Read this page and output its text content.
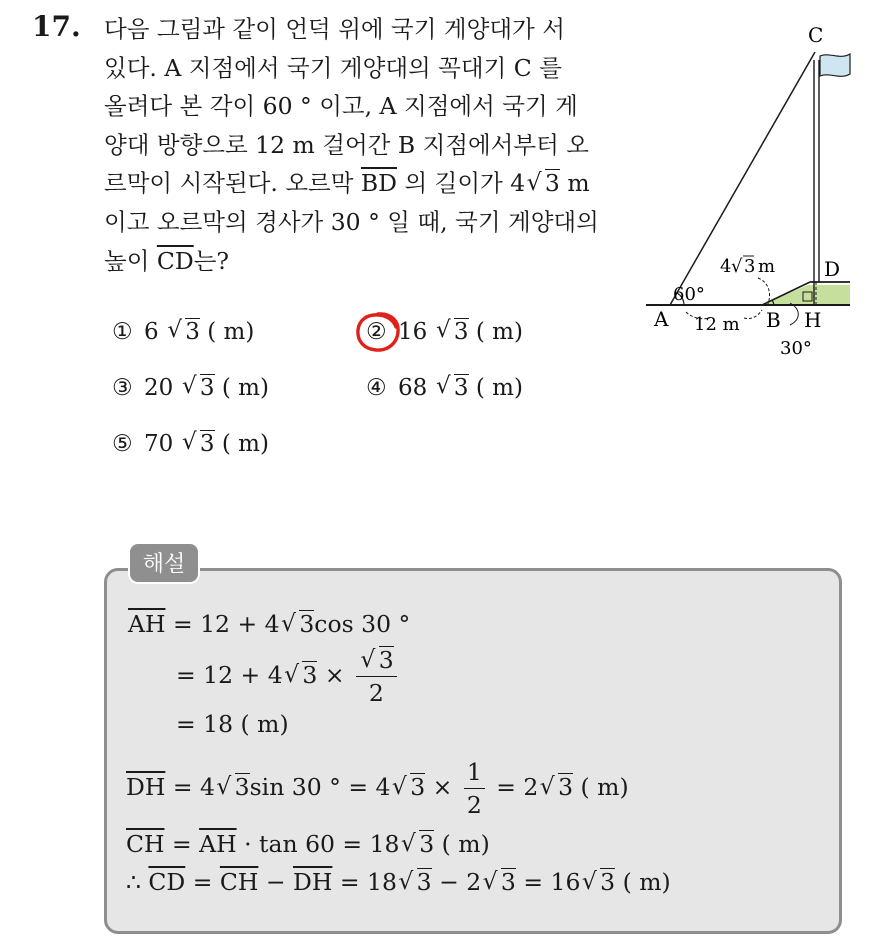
17. 다음 그림과 같이 언덕 위에 국기 게양대가 서
있다. A 지점에서 국기 게양대의 꼭대기 C 를
올려다 본 각이 60 ° 이고, A 지점에서 국기 게
양대 방향으로 12 m 걸어간 B 지점에서부터 오
르막이 시작된다. 오르막 $\overline{BD}$ 의 길이가 4 √ 3 m
이고 오르막의 경사가 30 ° 일 때, 국기 게양대의
높이 $\overline{CD}$는?
① 6 √ 3 ( m)	② 16 √ 3 ( m)
③ 20 √ 3 ( m)	④ 68 √ 3 ( m)
⑤ 70 √ 3 ( m)
C
D
A	B H
60°
30°
12 m
4 √ 3 m
해설
$\overline{AH} = 12 + 4$ √ 3cos 30 °
= 12 + 4 √ 3 × √ $\frac{3}{2}$
= 18 ( m)
$\overline{DH} = 4$ √ 3sin 30 ° = 4 √ $3 \times \frac{1}{2} = 2$ √ 3 ( m)
$\overline{CH} = \overline{AH} \cdot \tan 60 = 18$ √ 3 ( m)
∴ $\overline{CD} = \overline{CH} - \overline{DH} = 18$ √ 3 − 2 √ 3 = 16 √ 3 ( m)
